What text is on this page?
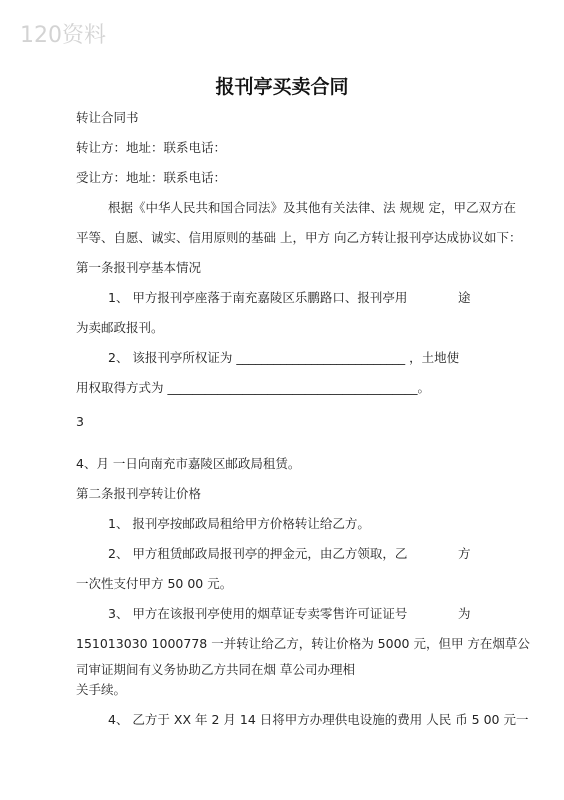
120资料
报刊亭买卖合同
转让合同书
转让方：地址：联系电话：
受让方：地址：联系电话：
根据《中华人民共和国合同法》及其他有关法律、法 规规 定，甲乙双方在
平等、自愿、诚实、信用原则的基础 上，甲方 向乙方转让报刊亭达成协议如下：
第一条报刊亭基本情况
1、 甲方报刊亭座落于南充嘉陵区乐鹏路口、报刊亭用	途
为卖邮政报刊。
2、 该报刊亭所权证为 ___________________________ ，土地使
用权取得方式为 ________________________________________。
3
4、月 一日向南充市嘉陵区邮政局租赁。
第二条报刊亭转让价格
1、 报刊亭按邮政局租给甲方价格转让给乙方。
2、 甲方租赁邮政局报刊亭的押金元，由乙方领取，乙	方
一次性支付甲方 50 00 元。
3、 甲方在该报刊亭使用的烟草证专卖零售许可证证号	为
151013030 1000778 一并转让给乙方，转让价格为 5000 元，但甲 方在烟草公
司审证期间有义务协助乙方共同在烟 草公司办理相
关手续。
4、 乙方于 XX 年 2 月 14 日将甲方办理供电设施的费用 人民 币 5 00 元一
